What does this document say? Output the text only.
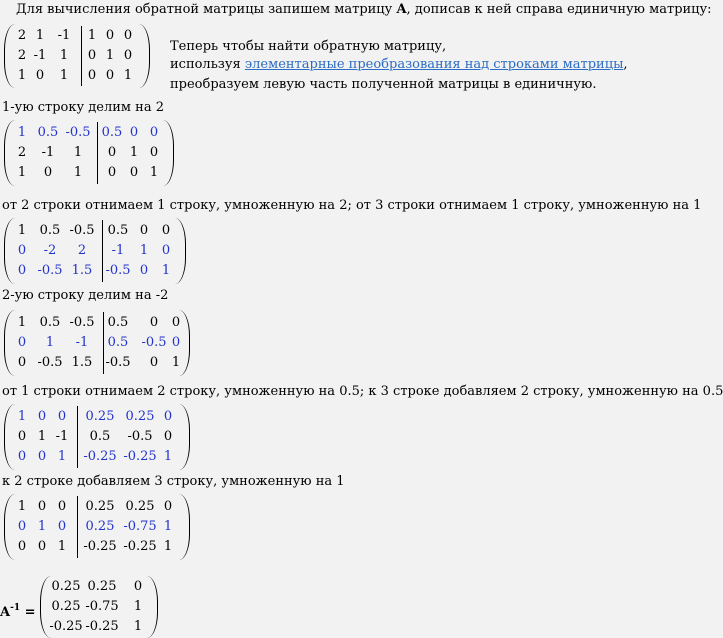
Для вычисления обратной матрицы запишем матрицу A, дописав к ней справа единичную матрицу:
Теперь чтобы найти обратную матрицу,
используя элементарные преобразования над строками матрицы,
преобразуем левую часть полученной матрицы в единичную.
1-ую строку делим на 2
от 2 строки отнимаем 1 строку, умноженную на 2; от 3 строки отнимаем 1 строку, умноженную на 1
2-ую строку делим на -2
от 1 строки отнимаем 2 строку, умноженную на 0.5; к 3 строке добавляем 2 строку, умноженную на 0.5
к 2 строке добавляем 3 строку, умноженную на 1
2 1	-1	1 0 0
2 -1	1	0 1 0
1 0	1	0 0 1
1 0.5 -0.5 0.5 0 0
2	-1	1	0	1 0
1	0	1	0	0 1
1	0.5 -0.5	0.5 0	0
0	-2	2	-1	1	0
0 -0.5 1.5	-0.5 0	1
1	0.5 -0.5	0.5	0	0
0	1	-1	0.5	-0.5 0
0 -0.5 1.5	-0.5	0	1
1 0 0	0.25 0.25 0
0 1 -1	0.5	-0.5 0
0 0 1	-0.25 -0.25 1
1 0 0	0.25 0.25 0
0 1 0	0.25 -0.75 1
0 0 1	-0.25 -0.25 1
$A^{-1}$ =
0.25 0.25	0
0.25 -0.75	1
-0.25 -0.25	1
